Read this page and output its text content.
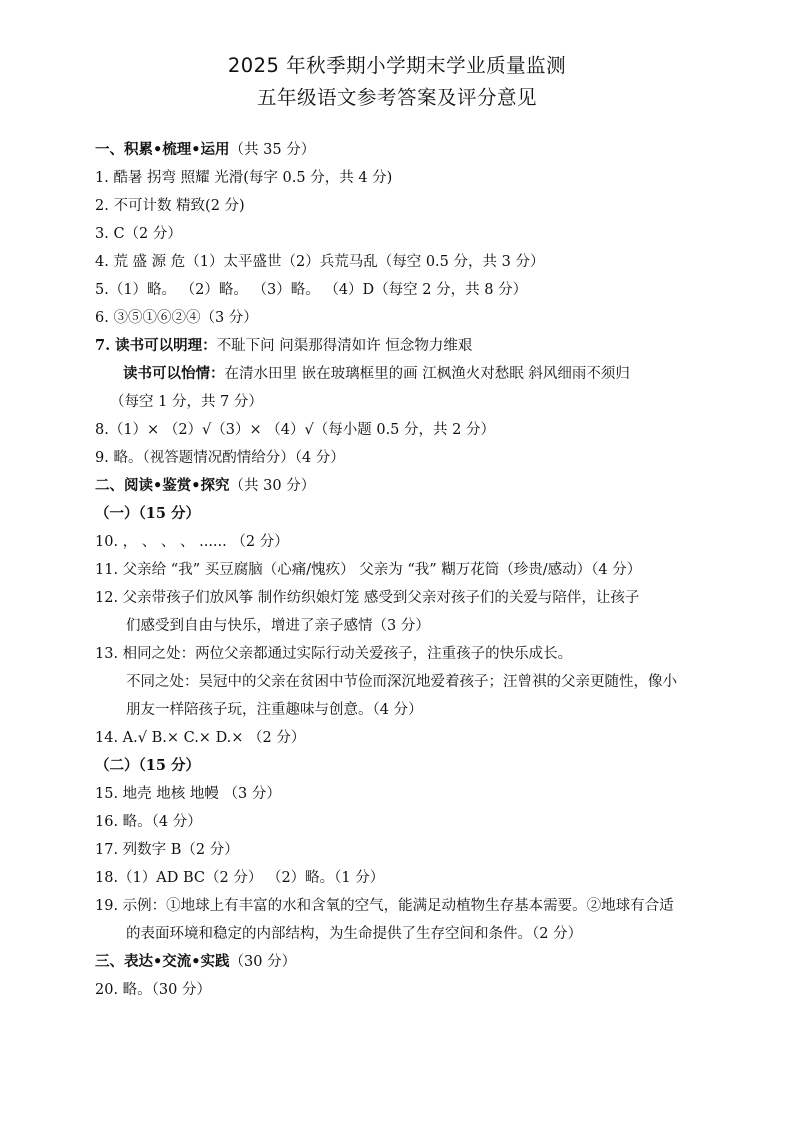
2025 年秋季期小学期末学业质量监测
五年级语文参考答案及评分意见
一、积累•梳理•运用（共 35 分）
1. 酷暑 拐弯 照耀 光滑(每字 0.5 分，共 4 分)
2. 不可计数 精致(2 分)
3. C（2 分）
4. 荒 盛 源 危（1）太平盛世（2）兵荒马乱（每空 0.5 分，共 3 分）
5.（1）略。 （2）略。 （3）略。 （4）D（每空 2 分，共 8 分）
6. ③⑤①⑥②④（3 分）
7. 读书可以明理：不耻下问 问渠那得清如许 恒念物力维艰
读书可以怡情：在清水田里 嵌在玻璃框里的画 江枫渔火对愁眠 斜风细雨不须归
（每空 1 分，共 7 分）
8.（1）× （2）√（3）× （4）√（每小题 0.5 分，共 2 分）
9. 略。（视答题情况酌情给分）（4 分）
二、阅读•鉴赏•探究（共 30 分）
（一）（15 分）
10. ， 、 、 、 ...... （2 分）
11. 父亲给 “我” 买豆腐脑（心痛/愧疚） 父亲为 “我” 糊万花筒（珍贵/感动）（4 分）
12. 父亲带孩子们放风筝 制作纺织娘灯笼 感受到父亲对孩子们的关爱与陪伴，让孩子
们感受到自由与快乐，增进了亲子感情（3 分）
13. 相同之处：两位父亲都通过实际行动关爱孩子，注重孩子的快乐成长。
不同之处：吴冠中的父亲在贫困中节俭而深沉地爱着孩子；汪曾祺的父亲更随性，像小
朋友一样陪孩子玩，注重趣味与创意。（4 分）
14. A.√ B.× C.× D.× （2 分）
（二）（15 分）
15. 地壳 地核 地幔 （3 分）
16. 略。（4 分）
17. 列数字 B（2 分）
18.（1）AD BC（2 分） （2）略。（1 分）
19. 示例：①地球上有丰富的水和含氧的空气，能满足动植物生存基本需要。②地球有合适
的表面环境和稳定的内部结构，为生命提供了生存空间和条件。（2 分）
三、表达•交流•实践（30 分）
20. 略。（30 分）
